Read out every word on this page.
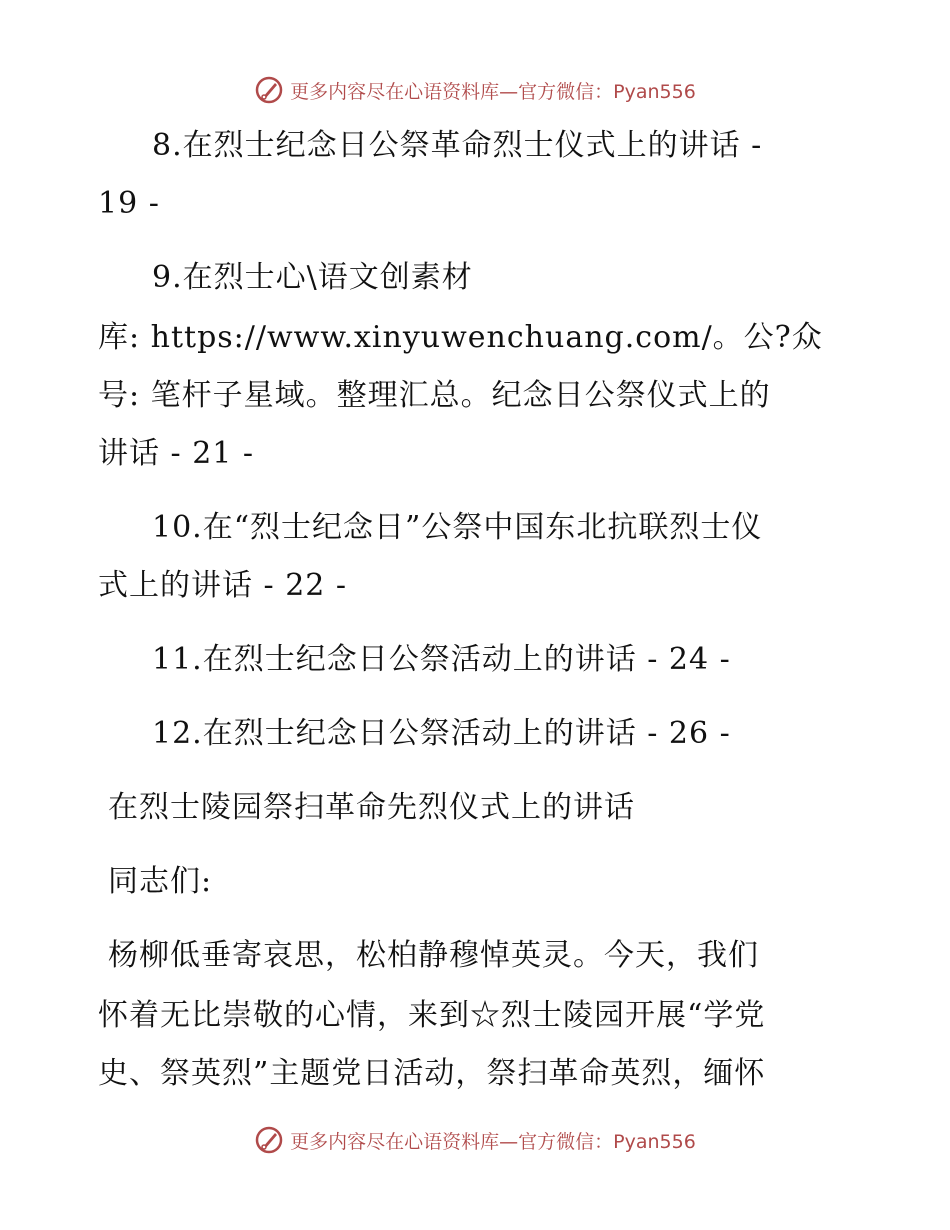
更多内容尽在心语资料库—官方微信：Pyan556
8.在烈士纪念日公祭革命烈士仪式上的讲话 -
19 -
9.在烈士心\语文创素材
库: https://www.xinyuwenchuang.com/。公?众
号: 笔杆子星域。整理汇总。纪念日公祭仪式上的
讲话 - 21 -
10.在“烈士纪念日”公祭中国东北抗联烈士仪
式上的讲话 - 22 -
11.在烈士纪念日公祭活动上的讲话 - 24 -
12.在烈士纪念日公祭活动上的讲话 - 26 -
在烈士陵园祭扫革命先烈仪式上的讲话
同志们:
杨柳低垂寄哀思，松柏静穆悼英灵。今天，我们
怀着无比崇敬的心情，来到☆烈士陵园开展“学党
史、祭英烈”主题党日活动，祭扫革命英烈，缅怀
更多内容尽在心语资料库—官方微信：Pyan556
